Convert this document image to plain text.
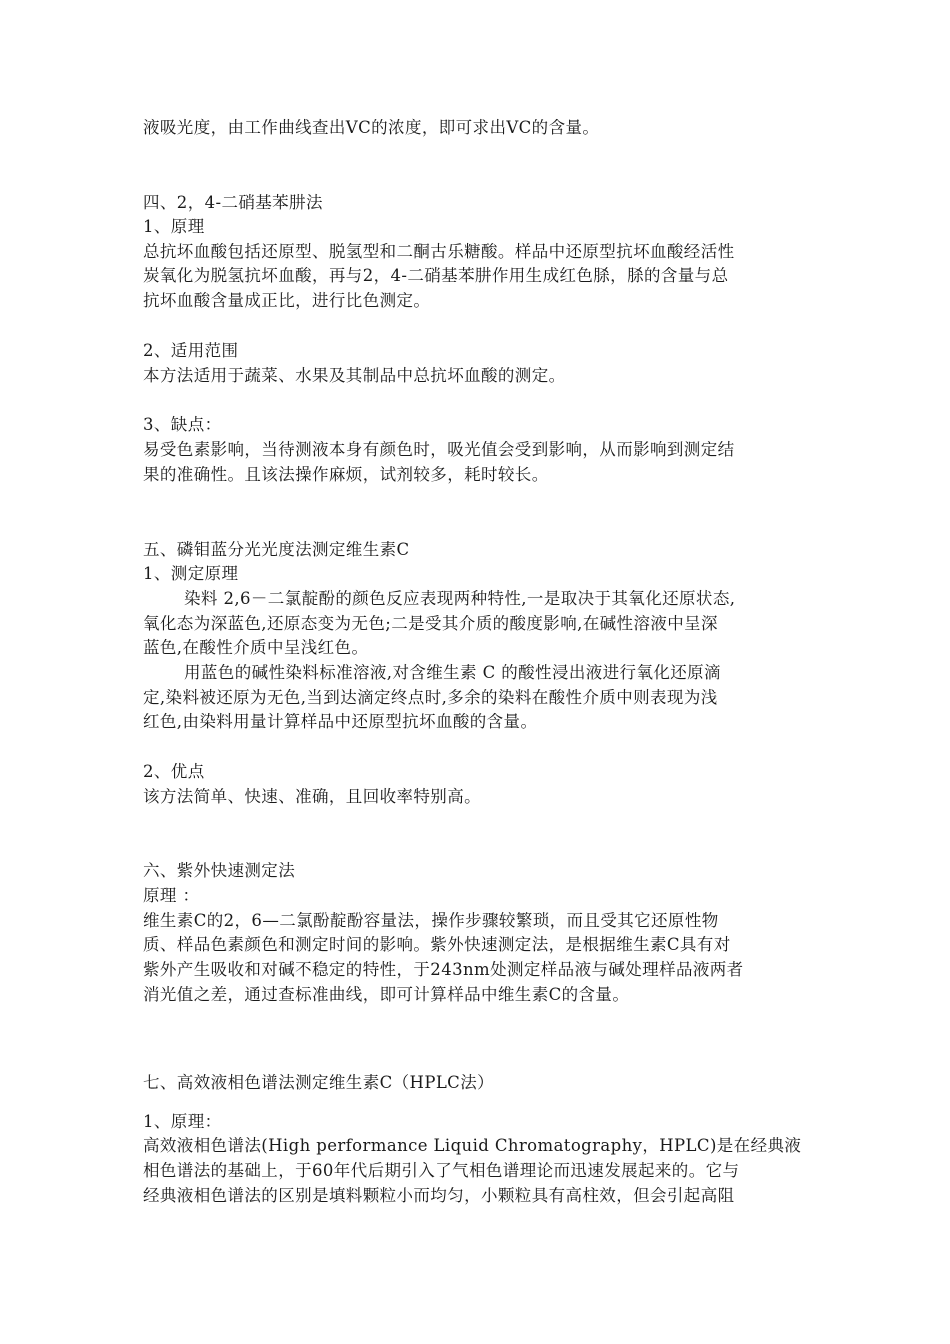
液吸光度，由工作曲线查出VC的浓度，即可求出VC的含量。
四、2，4-二硝基苯肼法
1、原理
总抗坏血酸包括还原型、脱氢型和二酮古乐糖酸。样品中还原型抗坏血酸经活性
炭氧化为脱氢抗坏血酸，再与2，4-二硝基苯肼作用生成红色脎，脎的含量与总
抗坏血酸含量成正比，进行比色测定。
2、适用范围
本方法适用于蔬菜、水果及其制品中总抗坏血酸的测定。
3、缺点：
易受色素影响，当待测液本身有颜色时，吸光值会受到影响，从而影响到测定结
果的准确性。且该法操作麻烦，试剂较多，耗时较长。
五、磷钼蓝分光光度法测定维生素C
1、测定原理
染料 2,6－二氯靛酚的颜色反应表现两种特性,一是取决于其氧化还原状态,
氧化态为深蓝色,还原态变为无色;二是受其介质的酸度影响,在碱性溶液中呈深
蓝色,在酸性介质中呈浅红色。
用蓝色的碱性染料标准溶液,对含维生素 C 的酸性浸出液进行氧化还原滴
定,染料被还原为无色,当到达滴定终点时,多余的染料在酸性介质中则表现为浅
红色,由染料用量计算样品中还原型抗坏血酸的含量。
2、优点
该方法简单、快速、准确，且回收率特别高。
六、紫外快速测定法
原理 ：
维生素C的2，6—二氯酚靛酚容量法，操作步骤较繁琐，而且受其它还原性物
质、样品色素颜色和测定时间的影响。紫外快速测定法，是根据维生素C具有对
紫外产生吸收和对碱不稳定的特性，于243nm处测定样品液与碱处理样品液两者
消光值之差，通过查标准曲线，即可计算样品中维生素C的含量。
七、高效液相色谱法测定维生素C（HPLC法）
1、原理：
高效液相色谱法(High performance Liquid Chromatography，HPLC)是在经典液
相色谱法的基础上，于60年代后期引入了气相色谱理论而迅速发展起来的。它与
经典液相色谱法的区别是填料颗粒小而均匀，小颗粒具有高柱效，但会引起高阻
